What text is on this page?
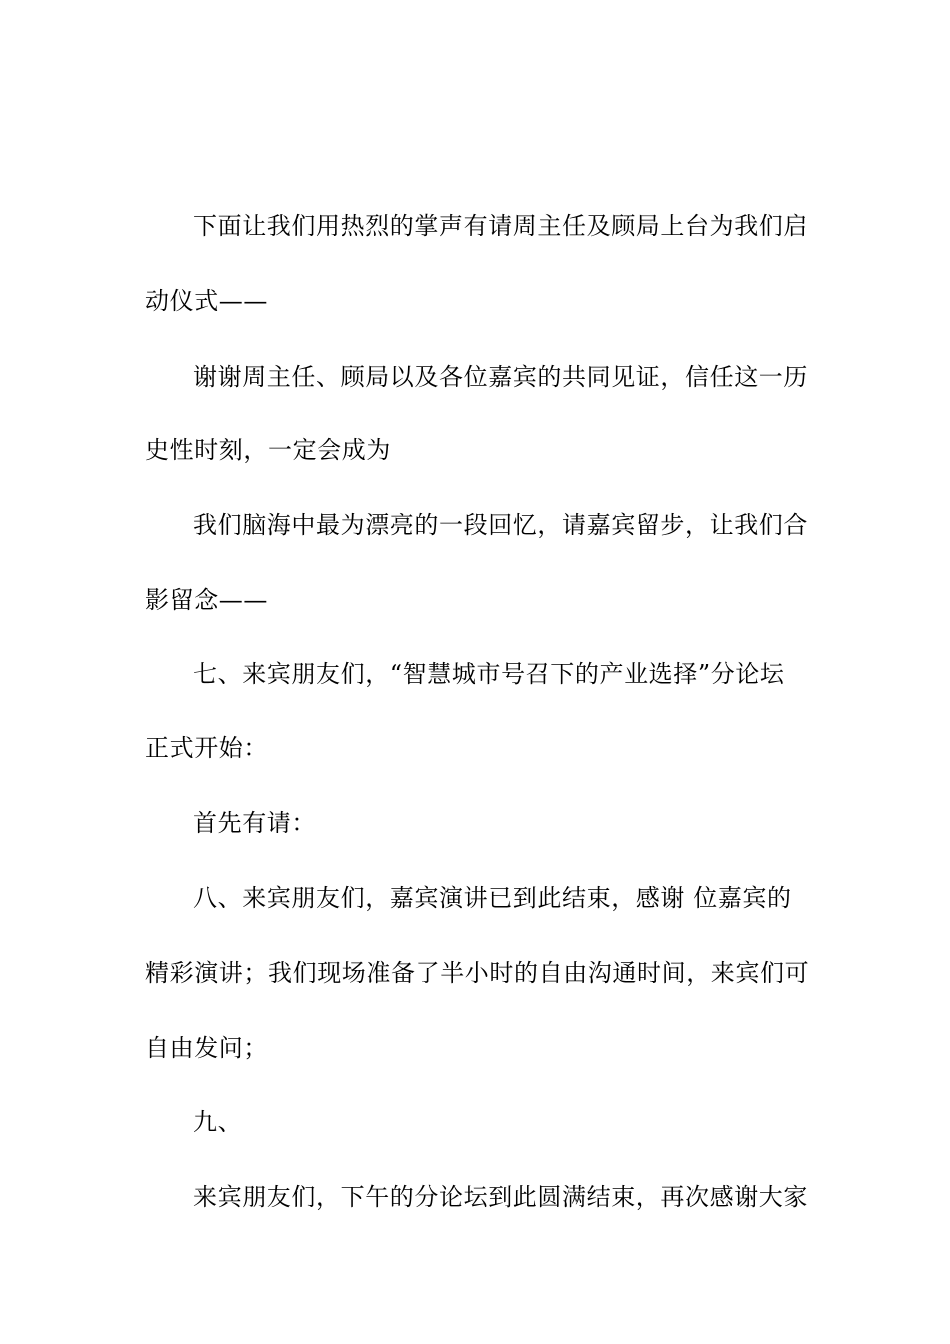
下面让我们用热烈的掌声有请周主任及顾局上台为我们启
动仪式——
谢谢周主任、顾局以及各位嘉宾的共同见证，信任这一历
史性时刻，一定会成为
我们脑海中最为漂亮的一段回忆，请嘉宾留步，让我们合
影留念——
七、来宾朋友们，“智慧城市号召下的产业选择”分论坛
正式开始：
首先有请：
八、来宾朋友们，嘉宾演讲已到此结束，感谢 位嘉宾的
精彩演讲；我们现场准备了半小时的自由沟通时间，来宾们可
自由发问；
九、
来宾朋友们，下午的分论坛到此圆满结束，再次感谢大家
